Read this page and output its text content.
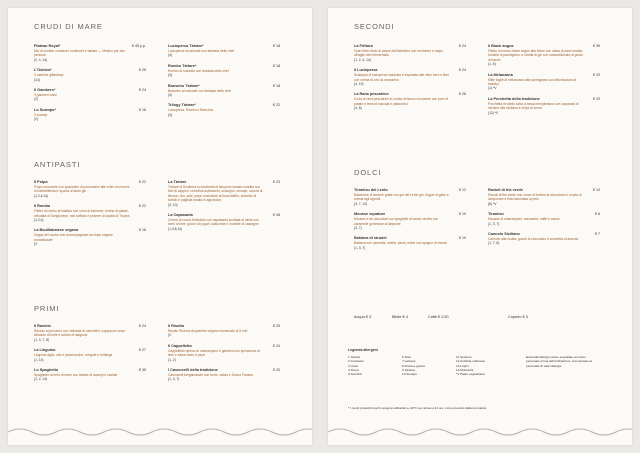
CRUDI DI MARE
Plateau Royal*
Mix di crudità: crostacei, molluschi e tartare — Minimo per due persone
(2, 4, 14)
€ 45 p.p.
L'Ostrica*
3 ostriche gillardeau
(14)
€ 25
Il Gambero*
3 gamberi rossi
(2)
€ 24
Lo Scampo*
3 scampi
(2)
€ 18
Lucioperca Tàrtare*
Lucioperca al naturale con fantasia dello chef
(4)
€ 18
Rombo Tàrtare*
Rombo al naturale con fantasia dello chef
(4)
€ 18
Branzino Tàrtare*
Branzino al naturale con fantasia dello chef
(4)
€ 18
Trilogy Tàrtare*
Lucioperca, Rombo e Branzino
(4)
€ 22
ANTIPASTI
Il Polpo
Polpo croccante con guazzetto di pomodorini alle erbe con mochi di barbabietola e spuma di lardo gin
(1,2,4,14)
€ 22
Il Rombo
Filetto di rombo al basilico con uova di salmone, tortino di patate, vellutata di Sangiovese, ravi soffiato e polvere di cipolla di Tropea
(1,2,4)
€ 22
La Bouillabaisse vegana
Zuppa del nostro orto accompagnata da chips vegane aromatizzate
(V
€ 18
La Tàrtare
Tàrtare di Scottona su bicchetta di lampone tostato condita con fiori di capperi, centolina sottoaceto, scalogno, senape, scorza di limone, olio, sale, pepe, maionese al finocchietto, sorbetto al tartufo e pagliola tosata in agrodolce
(3, 10)
€ 23
La Capasanta
Crema di zucca Hokkaido con capasanta scottata al miele con semi di lime, gocce di yogurt, salicornia e crumble di castagne
(1,3,8,14)
€ 28
PRIMI
Il Raviolo
Raviolo al pecorino con vellutata di cannellini, cappuccio rosso all'aceto di mele e tartufo di stagione
(1, 3, 7, 8)
€ 24
La Linguina
Linguina aglio, olio e peperoncino, vongole e bottarga
(1, 14)
€ 27
Lo Spaghetto
Spaghetto al nero di mare con tartare di scampi e caviale
(1, 2, 14)
€ 35
Il Risotto
Risotto Riserva Acquerello vegano mantecato al 5 erbi
(V
€ 25
Il Cappelletto
Cappelletto ripieno di mascarpone e gamberi con spinacione al lime e salsa cacio e pepe
(1, 2)
€ 24
I Casoncelli della tradizione
Casoncelli bergamaschi con burro, salvia e Grana Padano
(1, 3, 7)
€ 20
SECONDI
La Frittura
Gran fritto misto di pesce dell'Adriatico con verdurine e mayo all'aglio nero fermentato
(1, 2, 4, 14)
€ 24
Il Lucioperca
Scaloppa di lucioperca marinata e impanata alle olive nere e lime con crema di ceci al rosmarino
(4, 10)
€ 24
La Rana pescatrice
Coda di rana pescatrice in crosta di bacon croccante con pure di patate e terra di baccalà e pistacchio
(4, 8)
€ 28
Il Black angus
Filetto di manzo black angus alla brace con salsa di pane tostato, fonduta di parmigiano, e rotella di gin con caramellizzato al gusto di bacon
(1, 6)
€ 39
La Melanzana
Mille foglie di melanzana alla parmigiana con affumicatura di basilico
(1) *V
€ 20
La Porchetta della tradizione
Porchetta di vitello cotta a bassa temperatura con caponata di verdure alla siciliana e chips di verza
(12) *V
€ 20
DOLCI
Tiramisu del Lento
Balcerese di lamone grata con gel del Lento gin, lingue di gatto e crema agli agrumi
(3, 7, 12)
€ 12
Mousse equatore
Mousse a tre cioccolati con spaghetti di cacao servita con caramelle gommose al lampone
(3, 7)
€ 10
Baklava di strudel
Baklava con cannella, uvetta, pinoli, miele con spagno di menta
(1, 3, 7)
€ 10
Ravioli di the verde
Ravioli di the verde con curve di budino al cioccolato in crosta di lamponare e frita marcinata al pelo
(8) *V
€ 10
Tiramisù
Mousse di mascarpone, savoiardo, caffè e cacao
(1, 3, 7)
€ 8
Cannolo Siciliano
Cannolo alla ricotta, gocce di cioccolato e scorzetta di arancia
(1, 7, 8)
€ 7
Acqua € 3	Bibite € 4	Caffè € 2,50	Coperto € 3
Legenda allergeni
1 Glutine
2 Crostacei
3 Uova
4 Pesce
5 Arachidi
6 Soia
7 Lattosio
8 Frutta a guscio
9 Sedano
10 Senape
11 Sesamo
12 Anidride solforosa
13 Lupini
14 Molluschi
*V Piatto vegetariano
Eventuali allergie vanno segnalate al nostro personale prima dell'ordinazione. Comunicate al personale di sala l'allergie
* I nostri prodotti freschi vengono abbattuti a -20°C per almeno 24 ore, come previsto dalla normativa
